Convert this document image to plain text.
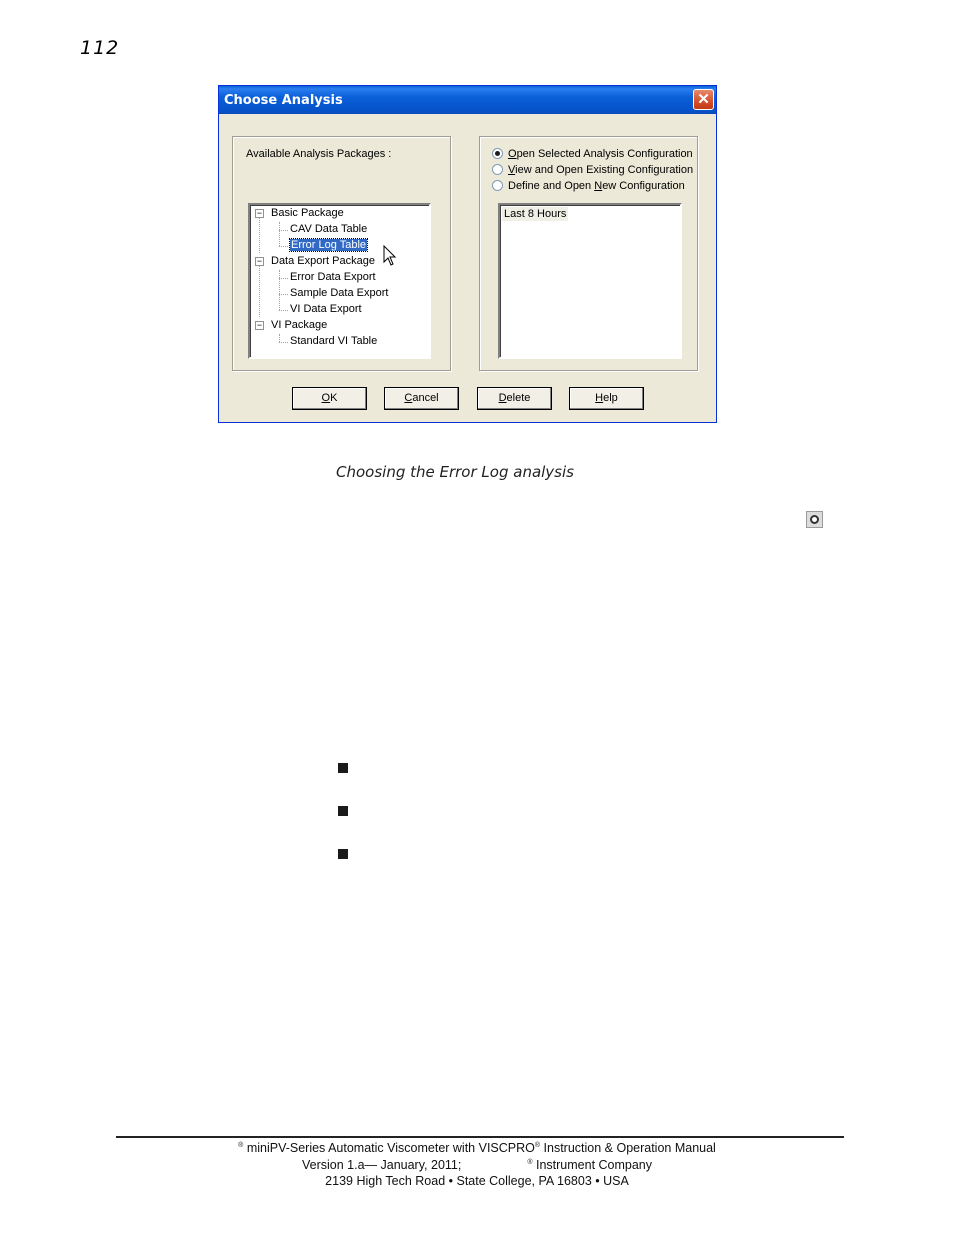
112
Choose Analysis	✕
Available Analysis Packages :
− Basic Package
CAV Data Table
Error Log Table
− Data Export Package
Error Data Export
Sample Data Export
VI Data Export
− VI Package
Standard VI Table
Open Selected Analysis Configuration
View and Open Existing Configuration
Define and Open New Configuration
Last 8 Hours
OK	Cancel	Delete	Help
Choosing the Error Log analysis
® miniPV-Series Automatic Viscometer with VISCPRO® Instruction & Operation Manual
Version 1.a— January, 2011;	® Instrument Company
2139 High Tech Road • State College, PA 16803 • USA
